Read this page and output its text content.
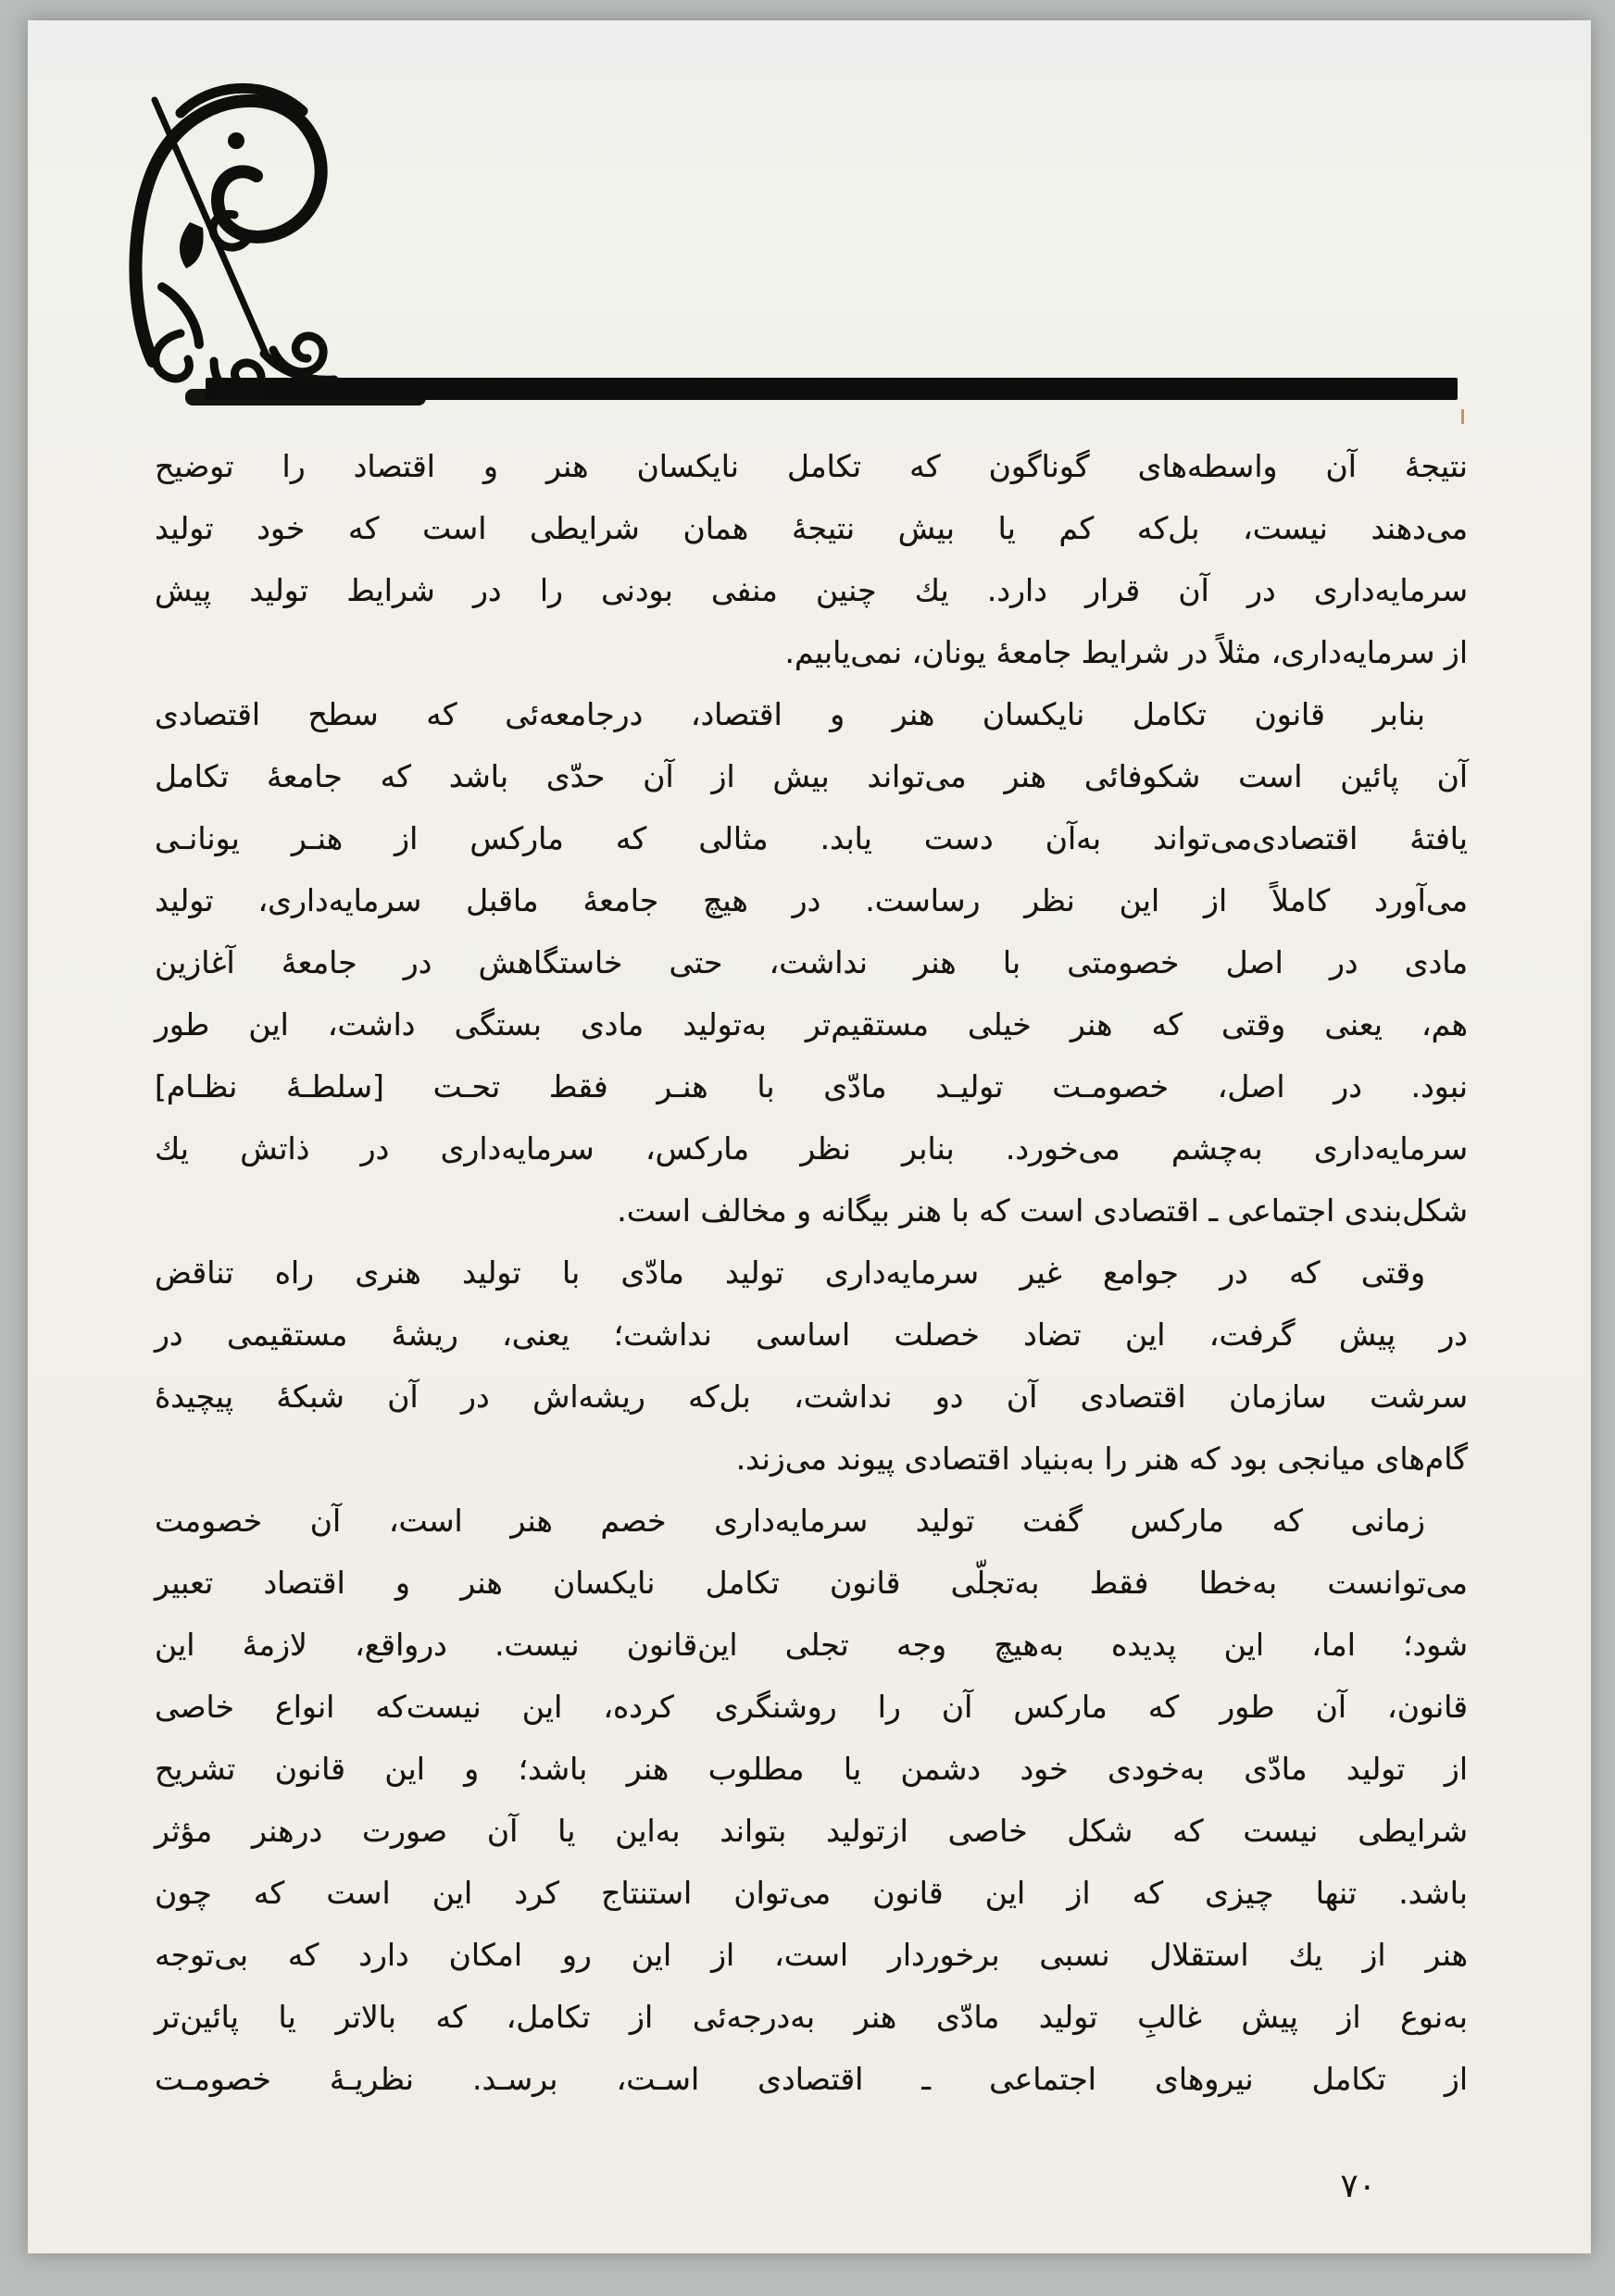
نتيجهٔ آن واسطه‌های گوناگون كه تكامل نايكسان هنر و اقتصاد را توضيح
می‌دهند نيست، بل‌كه كم يا بيش نتيجهٔ همان شرايطی است كه خود توليد
سرمايه‌داری در آن قرار دارد. يك چنين منفی بودنی را در شرايط توليد پيش
از سرمايه‌داری، مثلاً در شرايط جامعهٔ يونان، نمی‌يابيم.
بنابر قانون تكامل نايكسان هنر و اقتصاد، درجامعه‌ئی كه سطح اقتصادی
آن پائين است شكوفائی هنر می‌تواند بيش از آن حدّی باشد كه جامعهٔ تكامل
يافتهٔ اقتصادی‌می‌تواند به‌آن دست يابد. مثالی كه ماركس از هنـر يونانـی
می‌آورد كاملاً از اين نظر رساست. در هيچ جامعهٔ ماقبل سرمايه‌داری، توليد
مادی در اصل خصومتی با هنر نداشت، حتی خاستگاهش در جامعهٔ آغازين
هم، يعنی وقتی كه هنر خيلی مستقيم‌تر به‌توليد مادی بستگی داشت، اين طور
نبود. در اصل، خصومـت توليـد مادّی با هنـر فقط تحـت [سلطـهٔ نظـام]
سرمايه‌داری به‌چشم می‌خورد. بنابر نظر ماركس، سرمايه‌داری در ذاتش يك
شكل‌بندی اجتماعی ـ اقتصادی است كه با هنر بيگانه و مخالف است.
وقتی كه در جوامع غير سرمايه‌داری توليد مادّی با توليد هنری راه تناقض
در پيش گرفت، اين تضاد خصلت اساسی نداشت؛ يعنی، ريشهٔ مستقيمی در
سرشت سازمان اقتصادی آن دو نداشت، بل‌كه ريشه‌اش در آن شبكهٔ پيچيدهٔ
گام‌های ميانجی بود كه هنر را به‌بنياد اقتصادی پيوند می‌زند.
زمانی كه ماركس گفت توليد سرمايه‌داری خصم هنر است، آن خصومت
می‌توانست به‌خطا فقط به‌تجلّی قانون تكامل نايكسان هنر و اقتصاد تعبير
شود؛ اما، اين پديده به‌هيچ وجه تجلی اين‌قانون نيست. درواقع، لازمهٔ اين
قانون، آن طور كه ماركس آن را روشنگری كرده، اين نيست‌كه انواع خاصی
از توليد مادّی به‌خودی خود دشمن يا مطلوب هنر باشد؛ و اين قانون تشريح
شرايطی نيست كه شكل خاصی ازتوليد بتواند به‌اين يا آن صورت درهنر مؤثر
باشد. تنها چيزی كه از اين قانون می‌توان استنتاج كرد اين است كه چون
هنر از يك استقلال نسبی برخوردار است، از اين رو امكان دارد كه بی‌توجه
به‌نوع از پيش غالبِ توليد مادّی هنر به‌درجه‌ئی از تكامل، كه بالاتر يا پائين‌تر
از تكامل نيروهای اجتماعی ـ اقتصادی اسـت، برسـد. نظريـهٔ خصومـت
۷۰
